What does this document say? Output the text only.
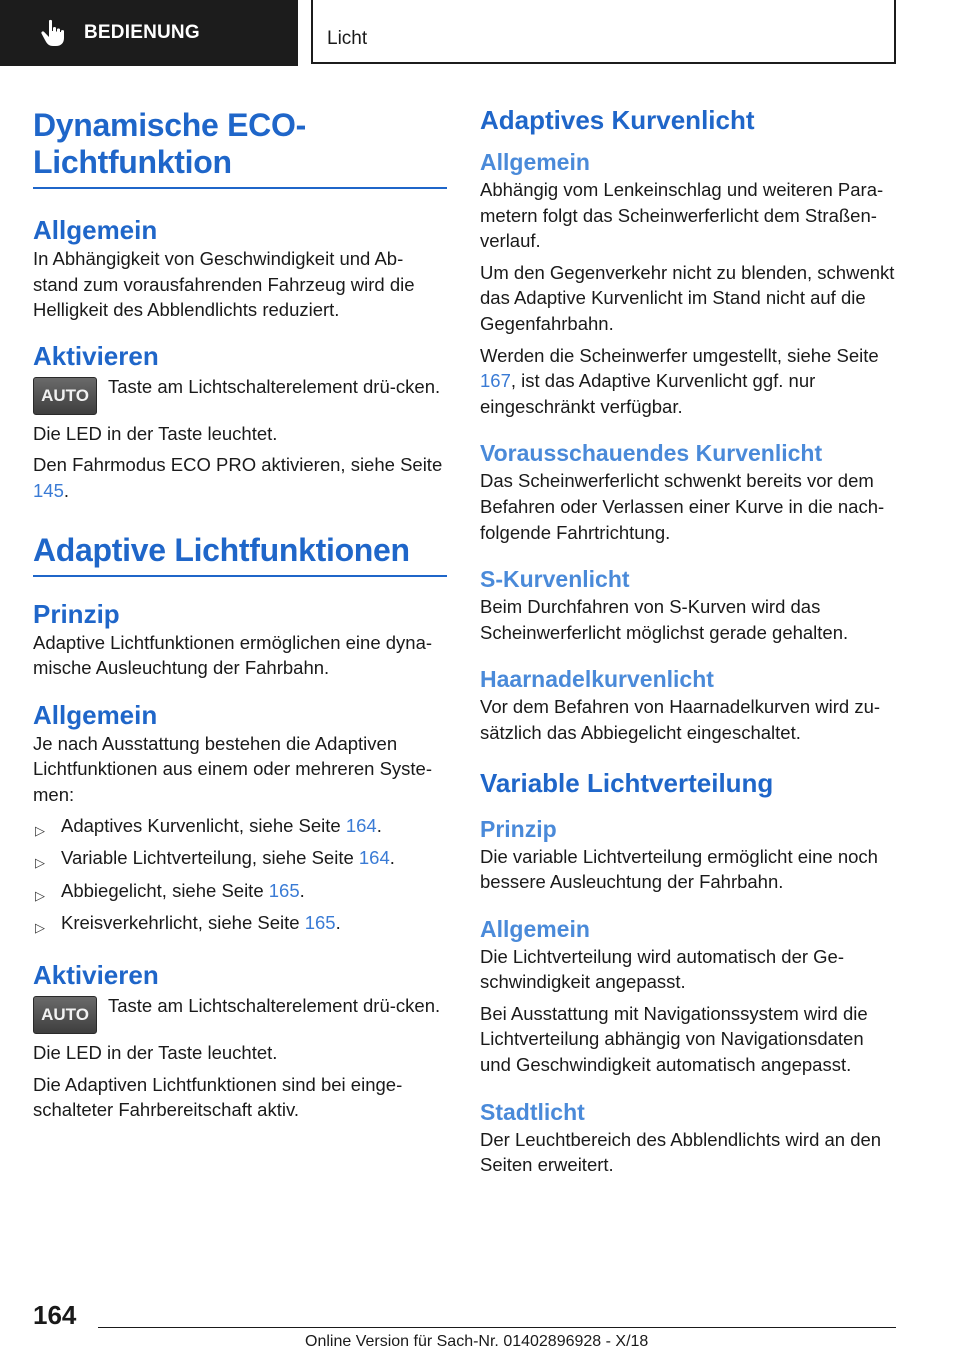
BEDIENUNG	Licht
Dynamische ECO-
Lichtfunktion
Allgemein
In Abhängigkeit von Geschwindigkeit und Ab‐stand zum vorausfahrenden Fahrzeug wird die Helligkeit des Abblendlichts reduziert.
Aktivieren
AUTO	Taste am Lichtschalterelement drü‐cken.
Die LED in der Taste leuchtet.
Den Fahrmodus ECO PRO aktivieren, siehe Seite 145.
Adaptive Lichtfunktionen
Prinzip
Adaptive Lichtfunktionen ermöglichen eine dyna‐mische Ausleuchtung der Fahrbahn.
Allgemein
Je nach Ausstattung bestehen die Adaptiven Lichtfunktionen aus einem oder mehreren Syste‐men:
▷ Adaptives Kurvenlicht, siehe Seite 164.
▷ Variable Lichtverteilung, siehe Seite 164.
▷ Abbiegelicht, siehe Seite 165.
▷ Kreisverkehrlicht, siehe Seite 165.
Aktivieren
AUTO	Taste am Lichtschalterelement drü‐cken.
Die LED in der Taste leuchtet.
Die Adaptiven Lichtfunktionen sind bei einge‐schalteter Fahrbereitschaft aktiv.
Adaptives Kurvenlicht
Allgemein
Abhängig vom Lenkeinschlag und weiteren Para‐metern folgt das Scheinwerferlicht dem Straßen‐verlauf.
Um den Gegenverkehr nicht zu blenden, schwenkt das Adaptive Kurvenlicht im Stand nicht auf die Gegenfahrbahn.
Werden die Scheinwerfer umgestellt, siehe Seite 167, ist das Adaptive Kurvenlicht ggf. nur eingeschränkt verfügbar.
Vorausschauendes Kurvenlicht
Das Scheinwerferlicht schwenkt bereits vor dem Befahren oder Verlassen einer Kurve in die nach‐folgende Fahrtrichtung.
S-Kurvenlicht
Beim Durchfahren von S-Kurven wird das Scheinwerferlicht möglichst gerade gehalten.
Haarnadelkurvenlicht
Vor dem Befahren von Haarnadelkurven wird zu‐sätzlich das Abbiegelicht eingeschaltet.
Variable Lichtverteilung
Prinzip
Die variable Lichtverteilung ermöglicht eine noch bessere Ausleuchtung der Fahrbahn.
Allgemein
Die Lichtverteilung wird automatisch der Ge‐schwindigkeit angepasst.
Bei Ausstattung mit Navigationssystem wird die Lichtverteilung abhängig von Navigationsdaten und Geschwindigkeit automatisch angepasst.
Stadtlicht
Der Leuchtbereich des Abblendlichts wird an den Seiten erweitert.
164
Online Version für Sach-Nr. 01402896928 - X/18
